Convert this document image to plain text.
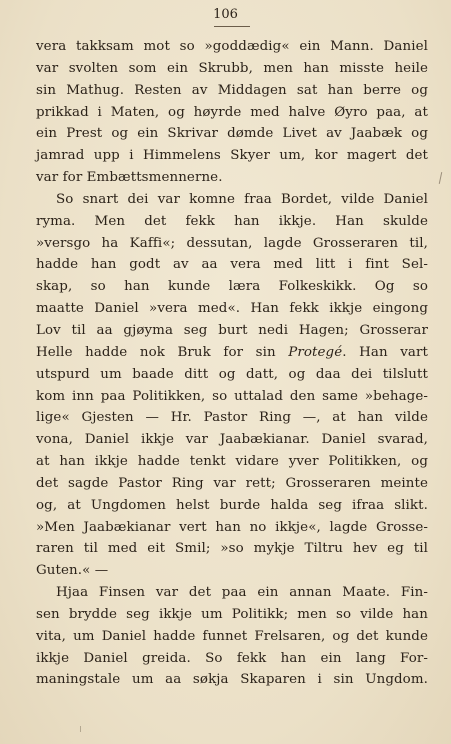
106
vera takksam mot so »goddædig« ein Mann. Daniel
var svolten som ein Skrubb, men han misste heile
sin Mathug. Resten av Middagen sat han berre og
prikkad i Maten, og høyrde med halve Øyro paa, at
ein Prest og ein Skrivar dømde Livet av Jaabæk og
jamrad upp i Himmelens Skyer um, kor magert det
var for Embættsmennerne.
So snart dei var komne fraa Bordet, vilde Daniel
ryma. Men det fekk han ikkje. Han skulde
»versgo ha Kaffi«; dessutan, lagde Grosseraren til,
hadde han godt av aa vera med litt i fint Sel-
skap, so han kunde læra Folkeskikk. Og so
maatte Daniel »vera med«. Han fekk ikkje eingong
Lov til aa gjøyma seg burt nedi Hagen; Grosserar
Helle hadde nok Bruk for sin Protegé. Han vart
utspurd um baade ditt og datt, og daa dei tilslutt
kom inn paa Politikken, so uttalad den same »behage-
lige« Gjesten — Hr. Pastor Ring —, at han vilde
vona, Daniel ikkje var Jaabækianar. Daniel svarad,
at han ikkje hadde tenkt vidare yver Politikken, og
det sagde Pastor Ring var rett; Grosseraren meinte
og, at Ungdomen helst burde halda seg ifraa slikt.
»Men Jaabækianar vert han no ikkje«, lagde Grosse-
raren til med eit Smil; »so mykje Tiltru hev eg til
Guten.« —
Hjaa Finsen var det paa ein annan Maate. Fin-
sen brydde seg ikkje um Politikk; men so vilde han
vita, um Daniel hadde funnet Frelsaren, og det kunde
ikkje Daniel greida. So fekk han ein lang For-
maningstale um aa søkja Skaparen i sin Ungdom.
